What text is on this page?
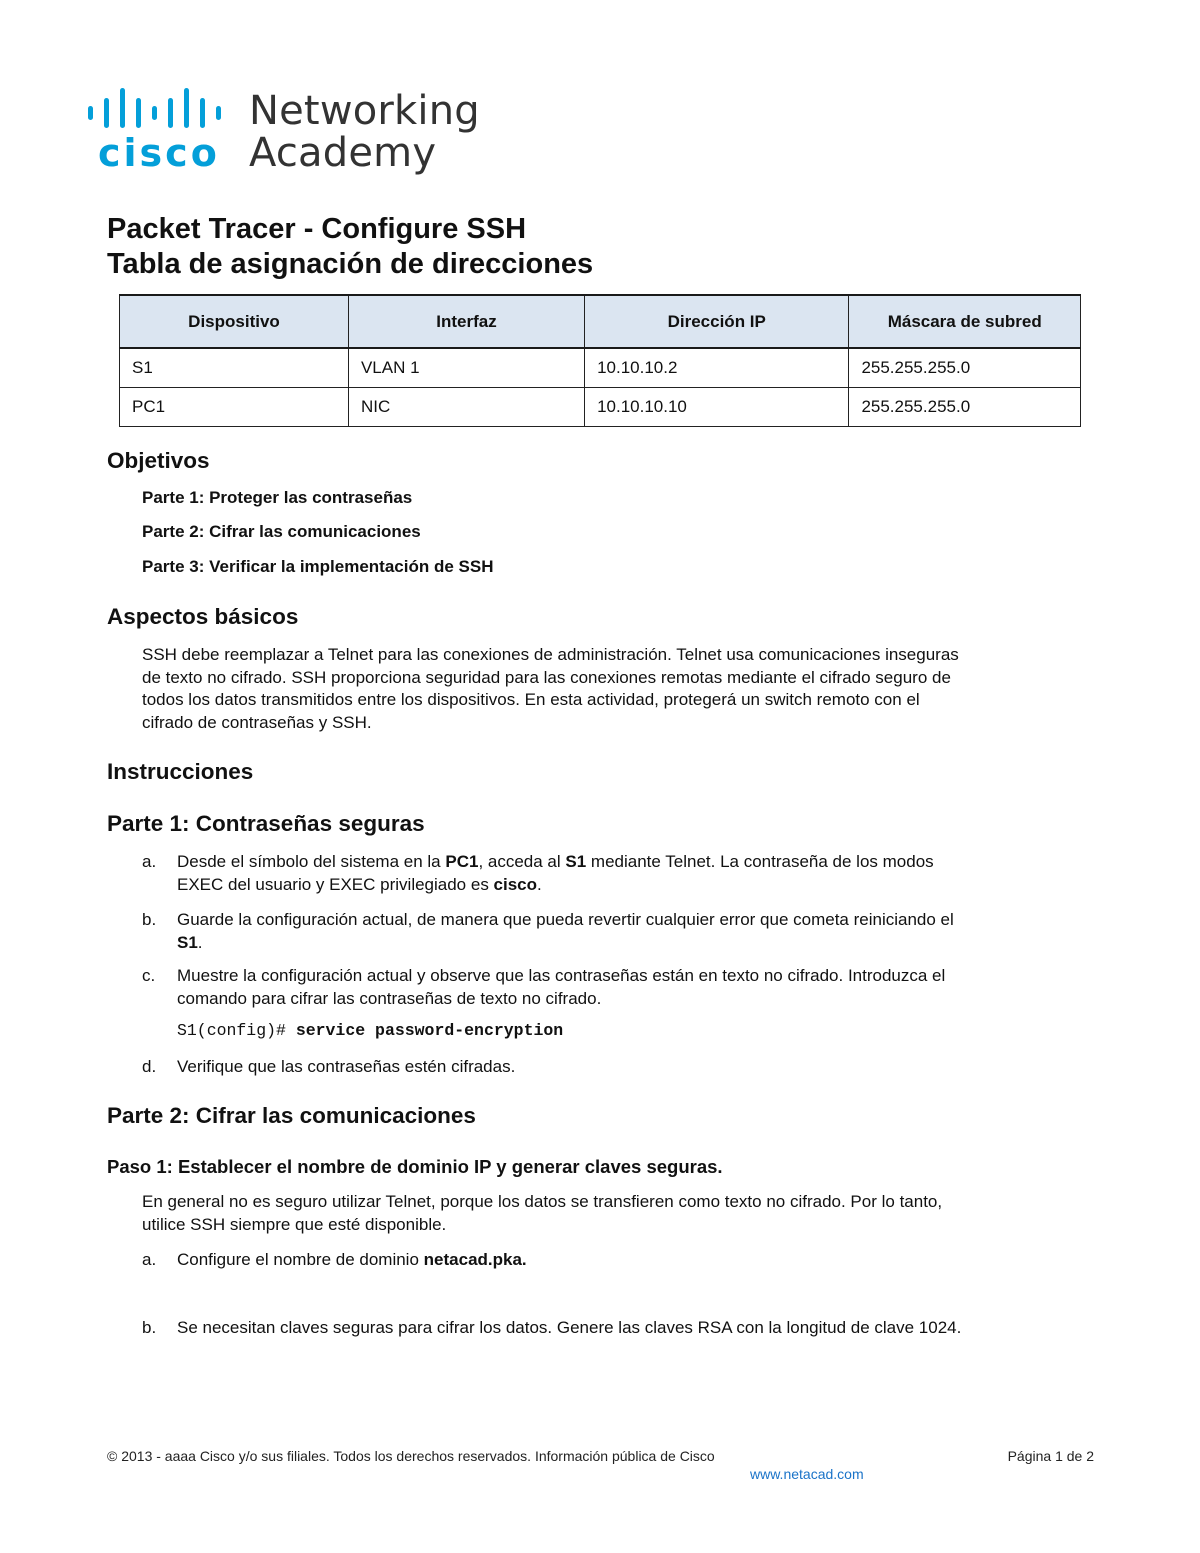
cisco
Networking
Academy
Packet Tracer - Configure SSH
Tabla de asignación de direcciones
Dispositivo	Interfaz	Dirección IP	Máscara de subred
S1	VLAN 1	10.10.10.2	255.255.255.0
PC1	NIC	10.10.10.10	255.255.255.0
Objetivos
Parte 1: Proteger las contraseñas
Parte 2: Cifrar las comunicaciones
Parte 3: Verificar la implementación de SSH
Aspectos básicos
SSH debe reemplazar a Telnet para las conexiones de administración. Telnet usa comunicaciones inseguras
de texto no cifrado. SSH proporciona seguridad para las conexiones remotas mediante el cifrado seguro de
todos los datos transmitidos entre los dispositivos. En esta actividad, protegerá un switch remoto con el
cifrado de contraseñas y SSH.
Instrucciones
Parte 1: Contraseñas seguras
a. Desde el símbolo del sistema en la PC1, acceda al S1 mediante Telnet. La contraseña de los modos
EXEC del usuario y EXEC privilegiado es cisco.
b. Guarde la configuración actual, de manera que pueda revertir cualquier error que cometa reiniciando el
S1.
c. Muestre la configuración actual y observe que las contraseñas están en texto no cifrado. Introduzca el
comando para cifrar las contraseñas de texto no cifrado.
S1(config)# service password-encryption
d. Verifique que las contraseñas estén cifradas.
Parte 2: Cifrar las comunicaciones
Paso 1: Establecer el nombre de dominio IP y generar claves seguras.
En general no es seguro utilizar Telnet, porque los datos se transfieren como texto no cifrado. Por lo tanto,
utilice SSH siempre que esté disponible.
a. Configure el nombre de dominio netacad.pka.
b. Se necesitan claves seguras para cifrar los datos. Genere las claves RSA con la longitud de clave 1024.
© 2013 - aaaa Cisco y/o sus filiales. Todos los derechos reservados. Información pública de Cisco	Página 1 de 2
www.netacad.com
